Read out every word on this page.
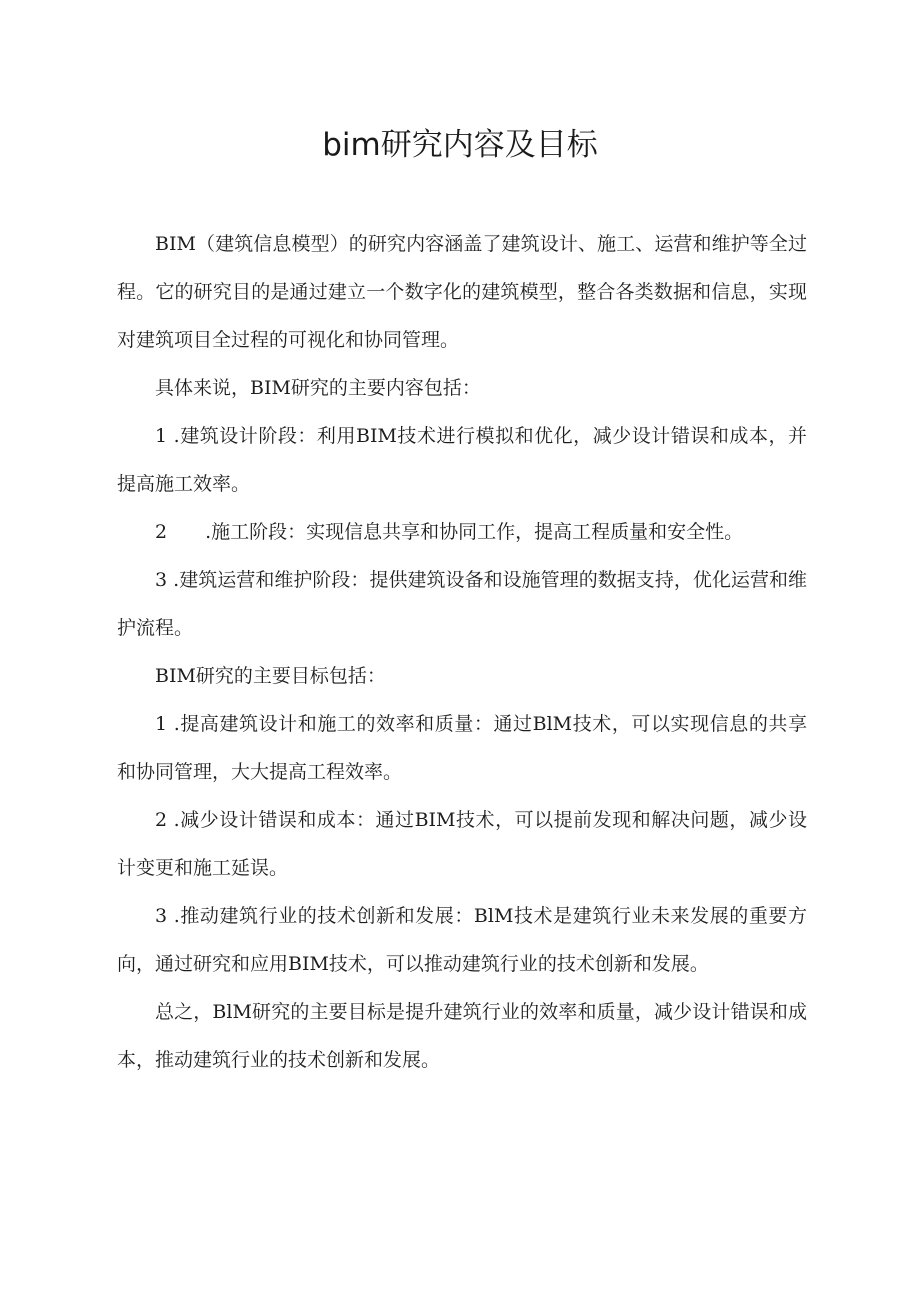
bim研究内容及目标

BIM（建筑信息模型）的研究内容涵盖了建筑设计、施工、运营和维护等全过程。它的研究目的是通过建立一个数字化的建筑模型，整合各类数据和信息，实现对建筑项目全过程的可视化和协同管理。

具体来说，BIM研究的主要内容包括：

1 .建筑设计阶段：利用BIM技术进行模拟和优化，减少设计错误和成本，并提高施工效率。

2　　.施工阶段：实现信息共享和协同工作，提高工程质量和安全性。

3 .建筑运营和维护阶段：提供建筑设备和设施管理的数据支持，优化运营和维护流程。

BIM研究的主要目标包括：

1 .提高建筑设计和施工的效率和质量：通过BlM技术，可以实现信息的共享和协同管理，大大提高工程效率。

2 .减少设计错误和成本：通过BIM技术，可以提前发现和解决问题，减少设计变更和施工延误。

3 .推动建筑行业的技术创新和发展：BlM技术是建筑行业未来发展的重要方向，通过研究和应用BIM技术，可以推动建筑行业的技术创新和发展。

总之，BlM研究的主要目标是提升建筑行业的效率和质量，减少设计错误和成本，推动建筑行业的技术创新和发展。
